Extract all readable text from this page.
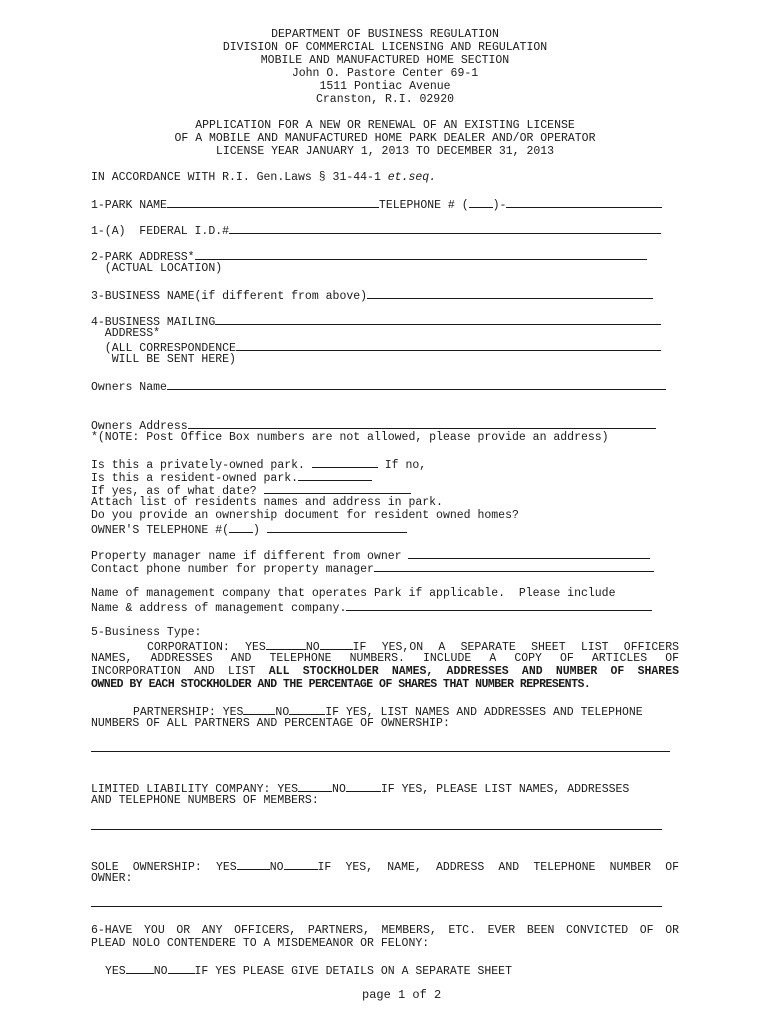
DEPARTMENT OF BUSINESS REGULATION
DIVISION OF COMMERCIAL LICENSING AND REGULATION
MOBILE AND MANUFACTURED HOME SECTION
John O. Pastore Center 69-1
1511 Pontiac Avenue
Cranston, R.I. 02920
APPLICATION FOR A NEW OR RENEWAL OF AN EXISTING LICENSE
OF A MOBILE AND MANUFACTURED HOME PARK DEALER AND/OR OPERATOR
LICENSE YEAR JANUARY 1, 2013 TO DECEMBER 31, 2013
IN ACCORDANCE WITH R.I. Gen.Laws § 31-44-1 et.seq.
1-PARK NAME	TELEPHONE # ( )-
1-(A)  FEDERAL I.D.#
2-PARK ADDRESS*
(ACTUAL LOCATION)
3-BUSINESS NAME(if different from above)
4-BUSINESS MAILING
ADDRESS*
(ALL CORRESPONDENCE
WILL BE SENT HERE)
Owners Name
Owners Address
*(NOTE: Post Office Box numbers are not allowed, please provide an address)
Is this a privately-owned park.	If no,
Is this a resident-owned park.
If yes, as of what date?
Attach list of residents names and address in park.
Do you provide an ownership document for resident owned homes?
OWNER'S TELEPHONE #( )
Property manager name if different from owner
Contact phone number for property manager
Name of management company that operates Park if applicable.  Please include
Name & address of management company.
5-Business Type:
CORPORATION: YES	NO	IF YES,ON A SEPARATE SHEET LIST OFFICERS
NAMES, ADDRESSES AND TELEPHONE NUMBERS. INCLUDE A COPY OF ARTICLES OF
INCORPORATION AND LIST ALL STOCKHOLDER NAMES, ADDRESSES AND NUMBER OF SHARES
OWNED BY EACH STOCKHOLDER AND THE PERCENTAGE OF SHARES THAT NUMBER REPRESENTS.
PARTNERSHIP: YES	NO	IF YES, LIST NAMES AND ADDRESSES AND TELEPHONE
NUMBERS OF ALL PARTNERS AND PERCENTAGE OF OWNERSHIP:
LIMITED LIABILITY COMPANY: YES	NO	IF YES, PLEASE LIST NAMES, ADDRESSES
AND TELEPHONE NUMBERS OF MEMBERS:
SOLE OWNERSHIP: YES	NO	IF YES, NAME, ADDRESS AND TELEPHONE NUMBER OF
OWNER:
6-HAVE YOU OR ANY OFFICERS, PARTNERS, MEMBERS, ETC. EVER BEEN CONVICTED OF OR
PLEAD NOLO CONTENDERE TO A MISDEMEANOR OR FELONY:
YES NO IF YES PLEASE GIVE DETAILS ON A SEPARATE SHEET
page 1 of 2
